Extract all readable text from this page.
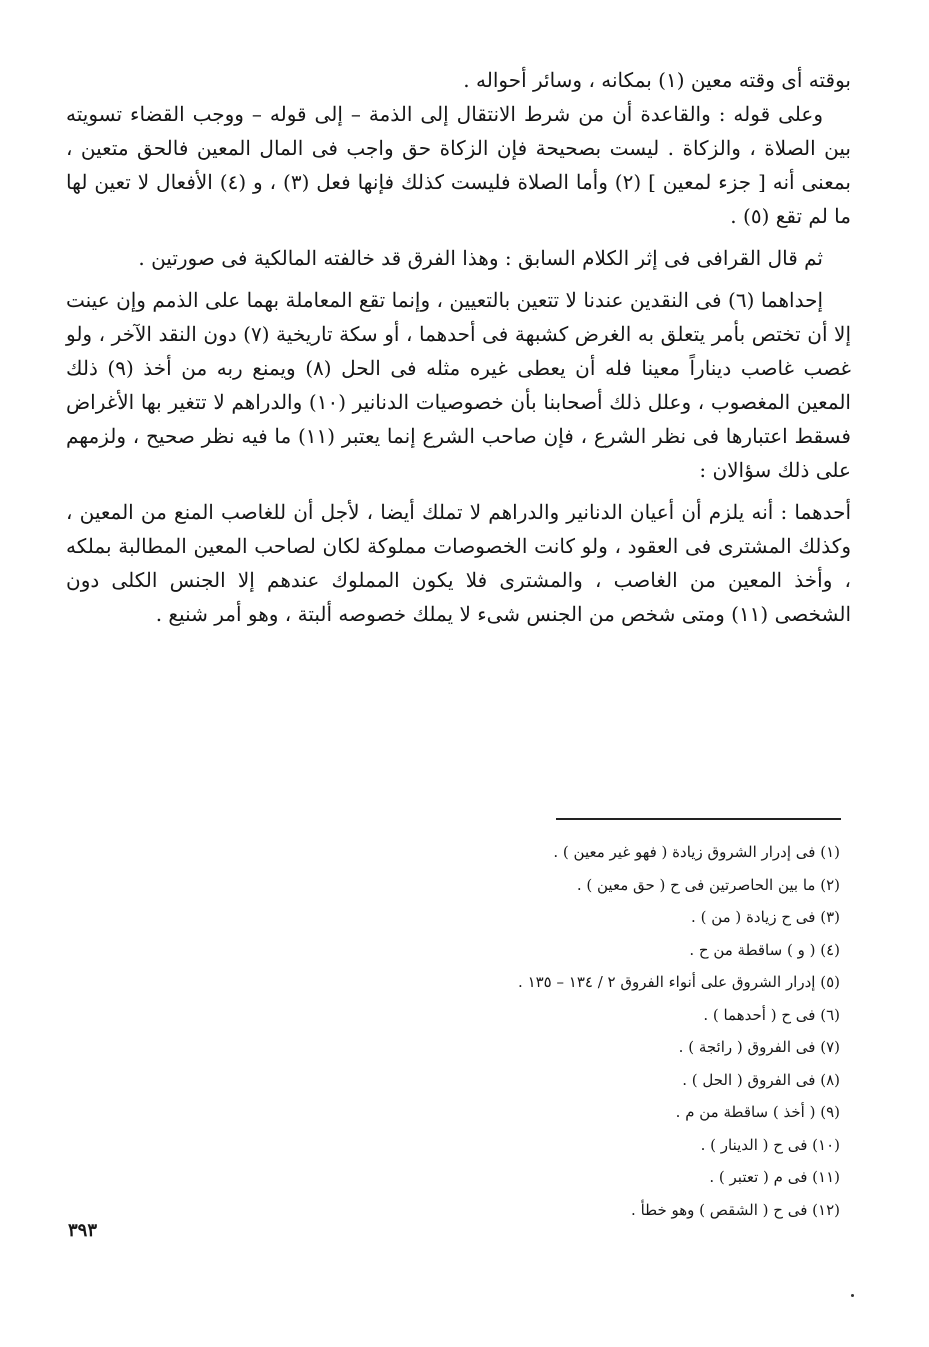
بوقته أى وقته معين (١) بمكانه ، وسائر أحواله .

وعلى قوله : والقاعدة أن من شرط الانتقال إلى الذمة – إلى قوله – ووجب القضاء تسويته بين الصلاة ، والزكاة . ليست بصحيحة فإن الزكاة حق واجب فى المال المعين فالحق متعين ، بمعنى أنه [ جزء لمعين ] (٢) وأما الصلاة فليست كذلك فإنها فعل (٣) ، و (٤) الأفعال لا تعين لها ما لم تقع (٥) .

ثم قال القرافى فى إثر الكلام السابق : وهذا الفرق قد خالفته المالكية فى صورتين .

إحداهما (٦) فى النقدين عندنا لا تتعين بالتعيين ، وإنما تقع المعاملة بهما على الذمم وإن عينت إلا أن تختص بأمر يتعلق به الغرض كشبهة فى أحدهما ، أو سكة تاريخية (٧) دون النقد الآخر ، ولو غصب غاصب ديناراً معينا فله أن يعطى غيره مثله فى الحل (٨) ويمنع ربه من أخذ (٩) ذلك المعين المغصوب ، وعلل ذلك أصحابنا بأن خصوصيات الدنانير (١٠) والدراهم لا تتغير بها الأغراض فسقط اعتبارها فى نظر الشرع ، فإن صاحب الشرع إنما يعتبر (١١) ما فيه نظر صحيح ، ولزمهم على ذلك سؤالان :

أحدهما : أنه يلزم أن أعيان الدنانير والدراهم لا تملك أيضا ، لأجل أن للغاصب المنع من المعين ، وكذلك المشترى فى العقود ، ولو كانت الخصوصات مملوكة لكان لصاحب المعين المطالبة بملكه ، وأخذ المعين من الغاصب ، والمشترى فلا يكون المملوك عندهم إلا الجنس الكلى دون الشخصى (١١) ومتى شخص من الجنس شىء لا يملك خصوصه ألبتة ، وهو أمر شنيع .

(١) فى إدرار الشروق زيادة ( فهو غير معين ) .

(٢) ما بين الحاصرتين فى ح ( حق معين ) .

(٣) فى ح زيادة ( من ) .

(٤) ( و ) ساقطة من ح .

(٥) إدرار الشروق على أنواء الفروق ٢ / ١٣٤ – ١٣٥ .

(٦) فى ح ( أحدهما ) .

(٧) فى الفروق ( رائجة ) .

(٨) فى الفروق ( الحل ) .

(٩) ( أخذ ) ساقطة من م .

(١٠) فى ح ( الدينار ) .

(١١) فى م ( تعتبر ) .

(١٢) فى ح ( الشقص ) وهو خطأ .

٣٩٣
